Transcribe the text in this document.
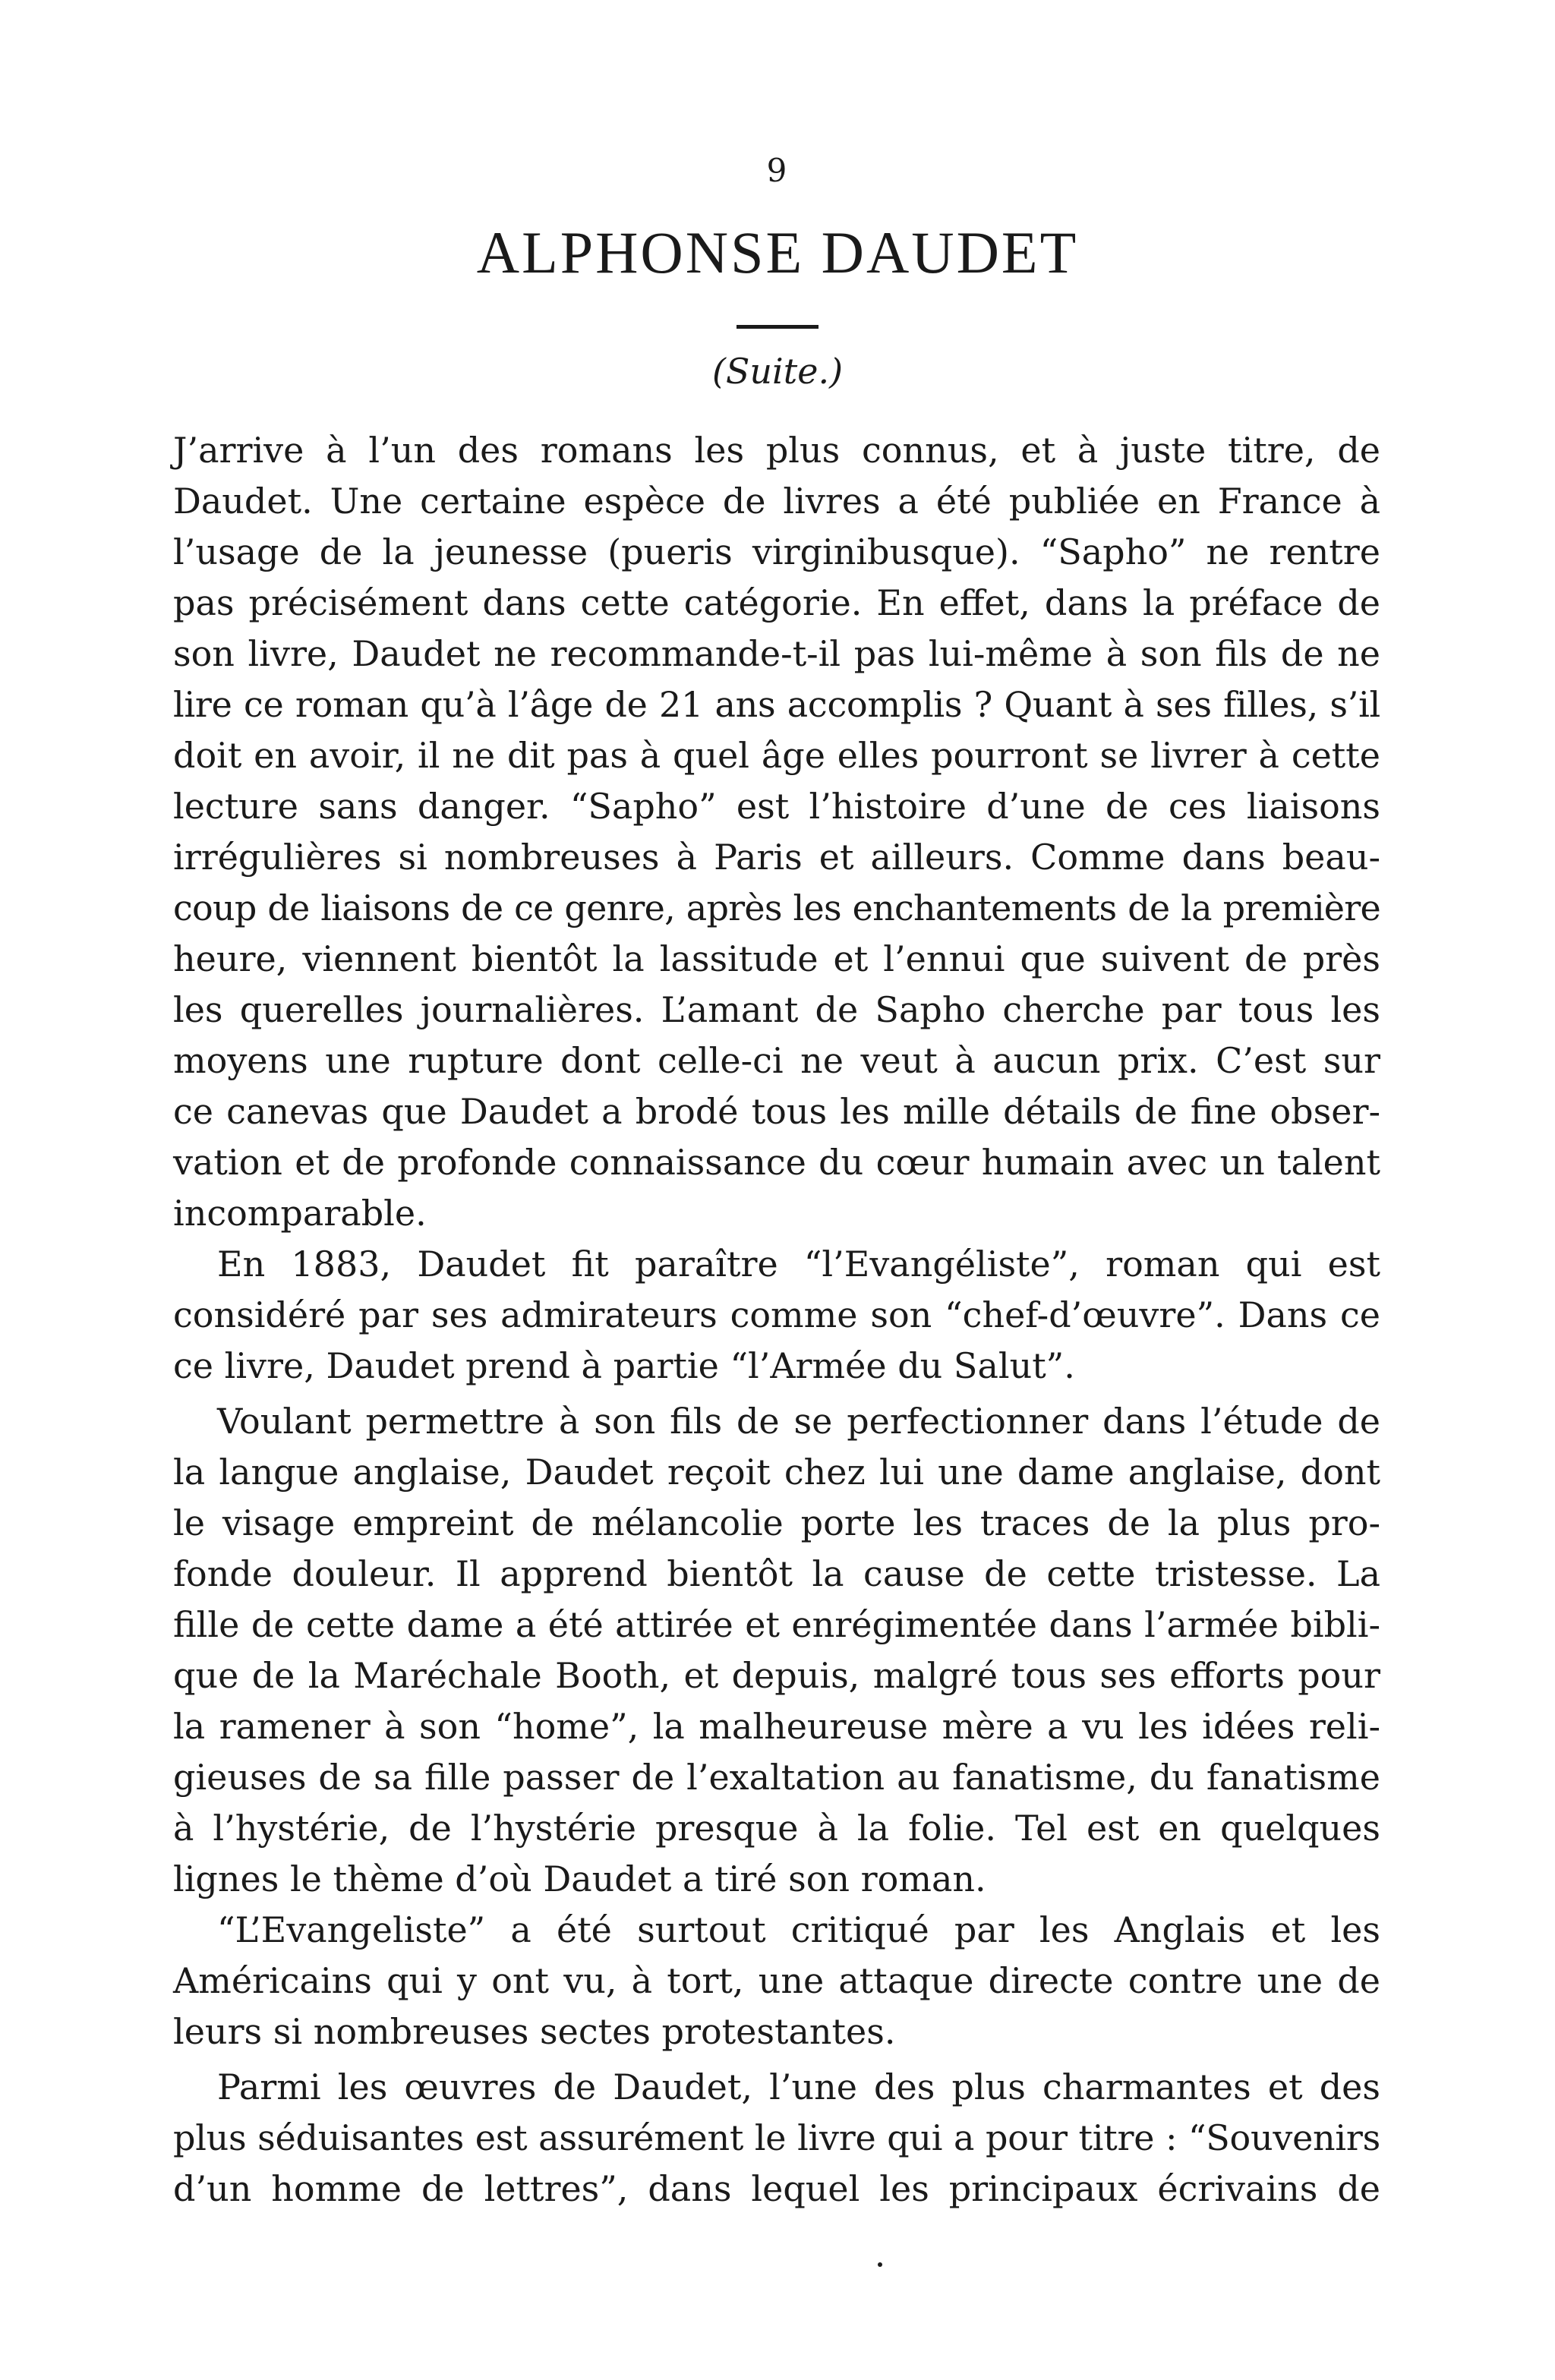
9
ALPHONSE DAUDET
(Suite.)
J’arrive à l’un des romans les plus connus, et à juste titre, de
Daudet. Une certaine espèce de livres a été publiée en France à
l’usage de la jeunesse (pueris virginibusque). “Sapho” ne rentre
pas précisément dans cette catégorie. En effet, dans la préface de
son livre, Daudet ne recommande-t-il pas lui-même à son fils de ne
lire ce roman qu’à l’âge de 21 ans accomplis ? Quant à ses filles, s’il
doit en avoir, il ne dit pas à quel âge elles pourront se livrer à cette
lecture sans danger. “Sapho” est l’histoire d’une de ces liaisons
irrégulières si nombreuses à Paris et ailleurs. Comme dans beau-
coup de liaisons de ce genre, après les enchantements de la première
heure, viennent bientôt la lassitude et l’ennui que suivent de près
les querelles journalières. L’amant de Sapho cherche par tous les
moyens une rupture dont celle-ci ne veut à aucun prix. C’est sur
ce canevas que Daudet a brodé tous les mille détails de fine obser-
vation et de profonde connaissance du cœur humain avec un talent
incomparable.
En 1883, Daudet fit paraître “l’Evangéliste”, roman qui est
considéré par ses admirateurs comme son “chef-d’œuvre”. Dans ce
ce livre, Daudet prend à partie “l’Armée du Salut”.
Voulant permettre à son fils de se perfectionner dans l’étude de
la langue anglaise, Daudet reçoit chez lui une dame anglaise, dont
le visage empreint de mélancolie porte les traces de la plus pro-
fonde douleur. Il apprend bientôt la cause de cette tristesse. La
fille de cette dame a été attirée et enrégimentée dans l’armée bibli-
que de la Maréchale Booth, et depuis, malgré tous ses efforts pour
la ramener à son “home”, la malheureuse mère a vu les idées reli-
gieuses de sa fille passer de l’exaltation au fanatisme, du fanatisme
à l’hystérie, de l’hystérie presque à la folie. Tel est en quelques
lignes le thème d’où Daudet a tiré son roman.
“L’Evangeliste” a été surtout critiqué par les Anglais et les
Américains qui y ont vu, à tort, une attaque directe contre une de
leurs si nombreuses sectes protestantes.
Parmi les œuvres de Daudet, l’une des plus charmantes et des
plus séduisantes est assurément le livre qui a pour titre : “Souvenirs
d’un homme de lettres”, dans lequel les principaux écrivains de
